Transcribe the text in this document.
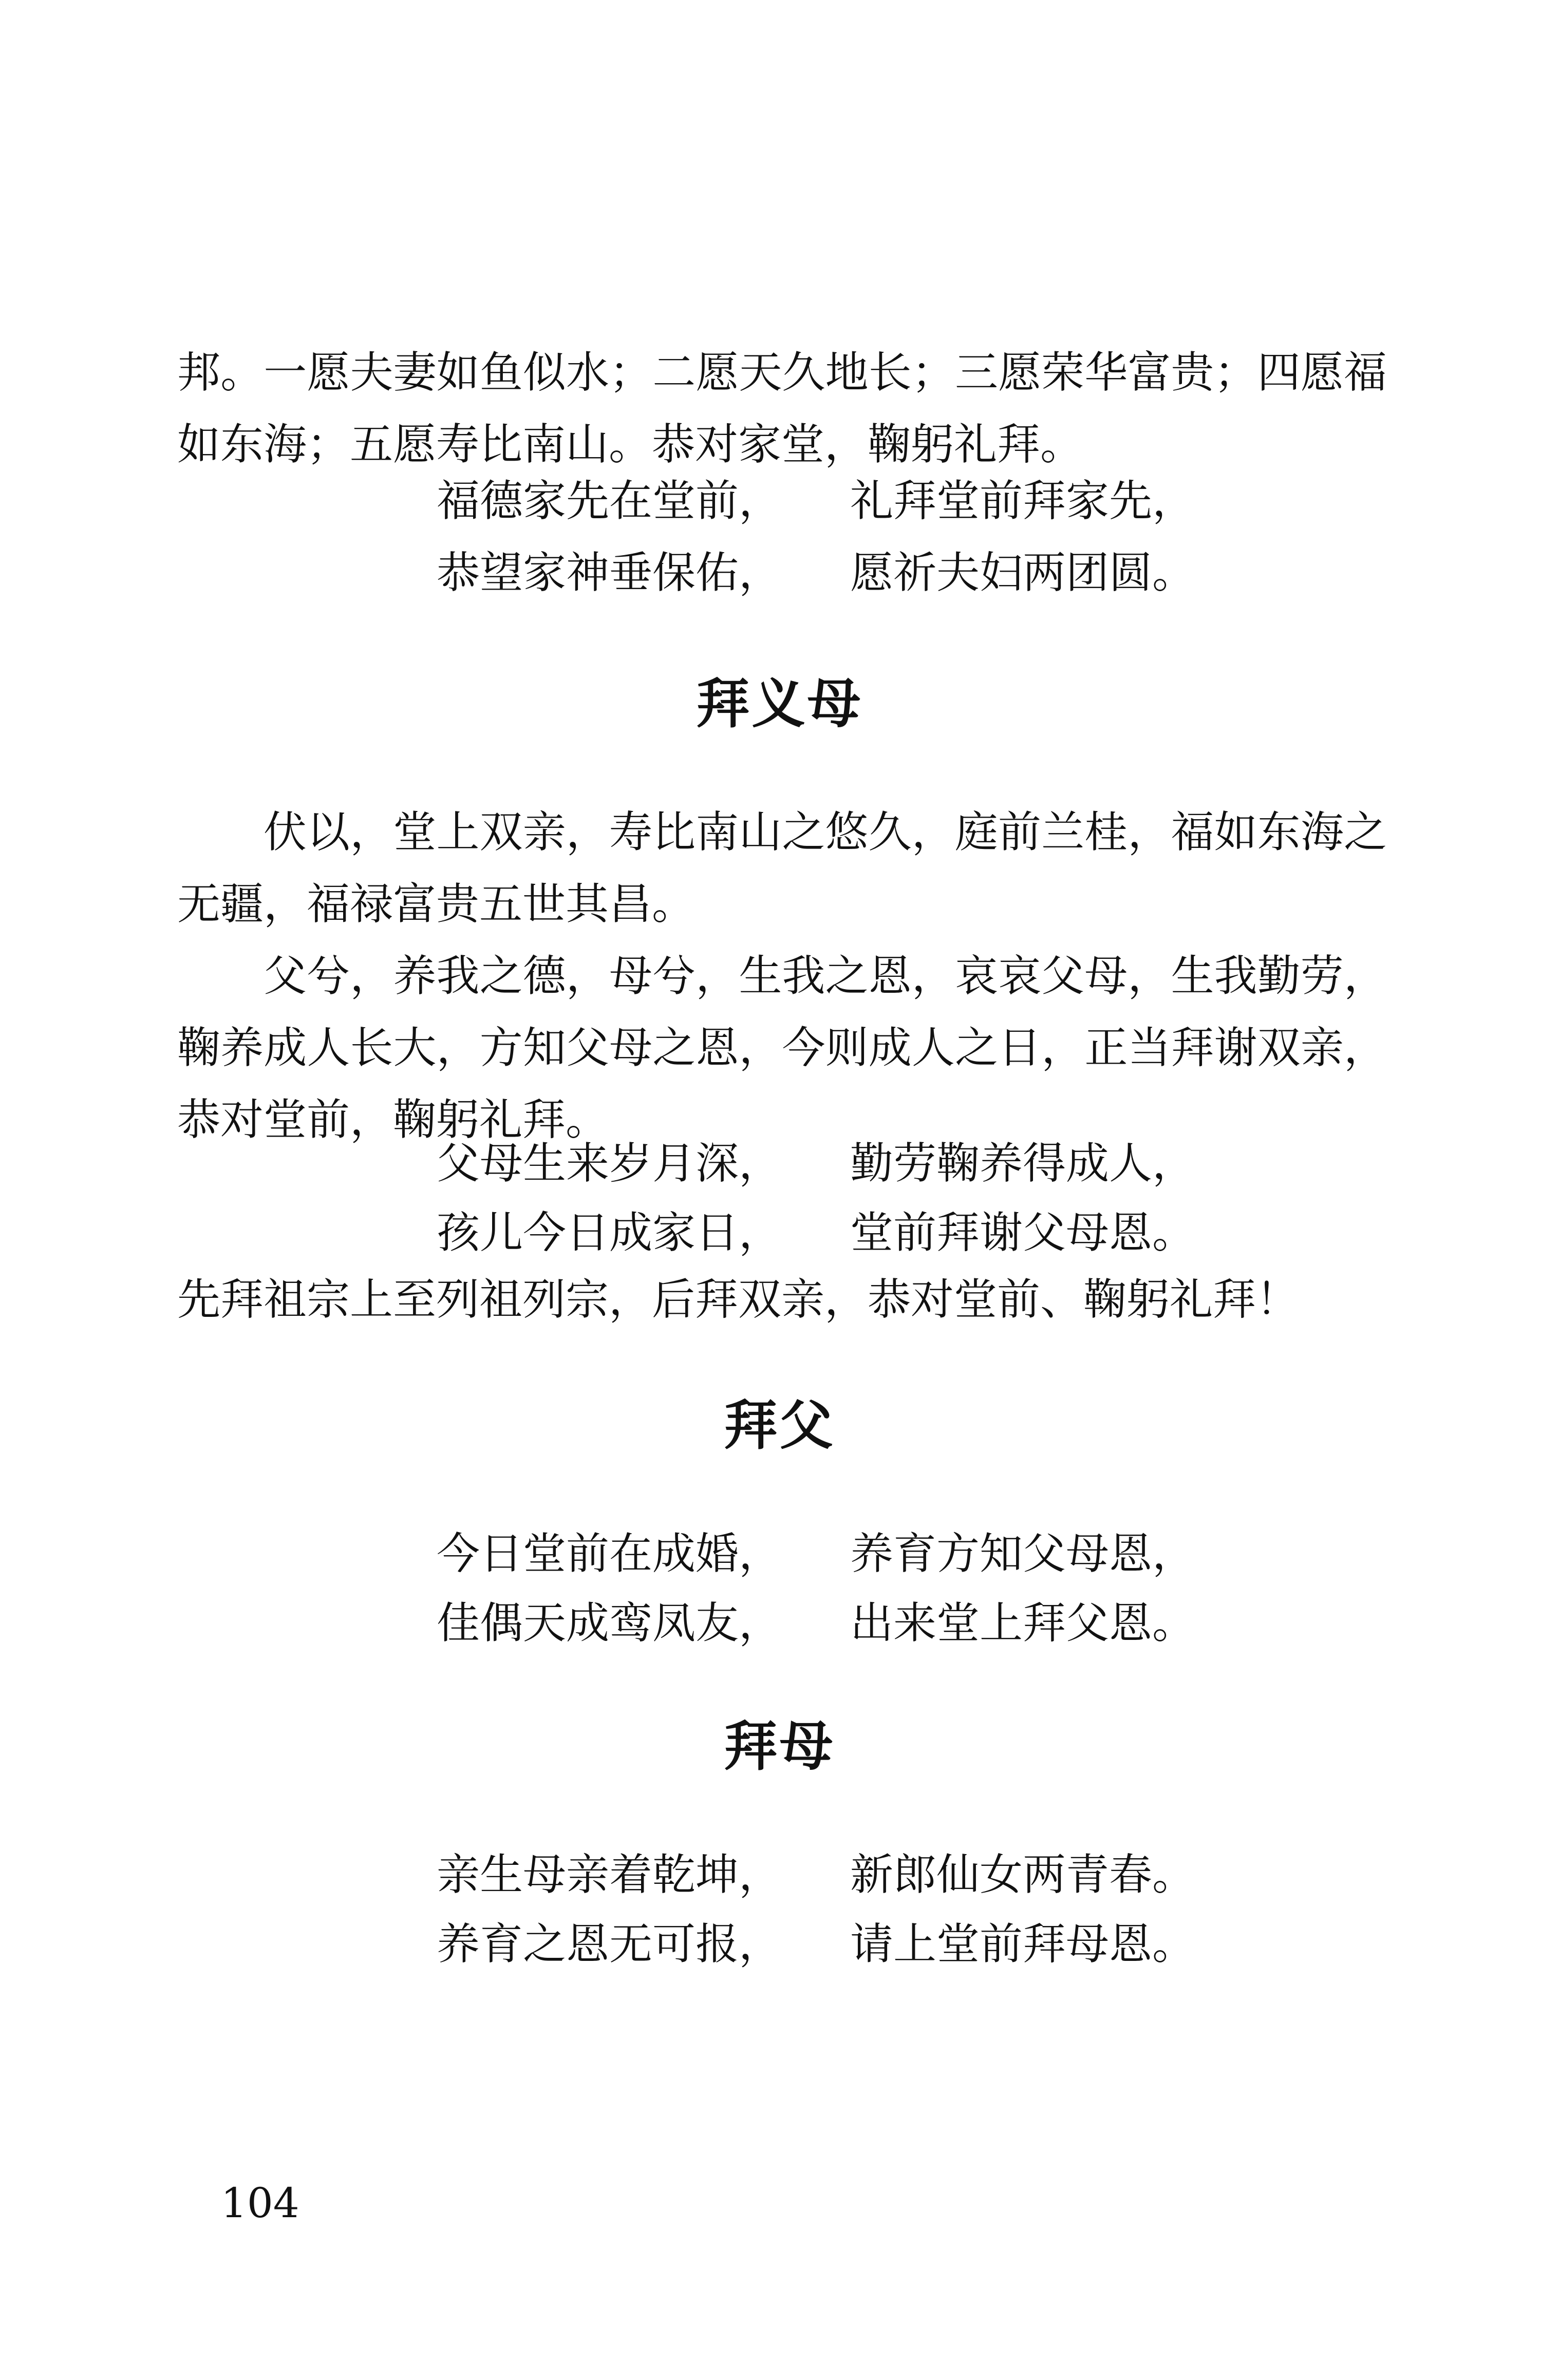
邦。一愿夫妻如鱼似水；二愿天久地长；三愿荣华富贵；四愿福如东海；五愿寿比南山。恭对家堂，鞠躬礼拜。

福德家先在堂前， 礼拜堂前拜家先，
恭望家神垂保佑， 愿祈夫妇两团圆。
拜义母

伏以，堂上双亲，寿比南山之悠久，庭前兰桂，福如东海之无疆，福禄富贵五世其昌。

父兮，养我之德，母兮，生我之恩，哀哀父母，生我勤劳，鞠养成人长大，方知父母之恩，今则成人之日，正当拜谢双亲，恭对堂前，鞠躬礼拜。

父母生来岁月深， 勤劳鞠养得成人，
孩儿今日成家日， 堂前拜谢父母恩。
先拜祖宗上至列祖列宗，后拜双亲，恭对堂前、鞠躬礼拜！
拜父
今日堂前在成婚， 养育方知父母恩，
佳偶天成鸾凤友， 出来堂上拜父恩。
拜母
亲生母亲着乾坤， 新郎仙女两青春。
养育之恩无可报， 请上堂前拜母恩。
104
